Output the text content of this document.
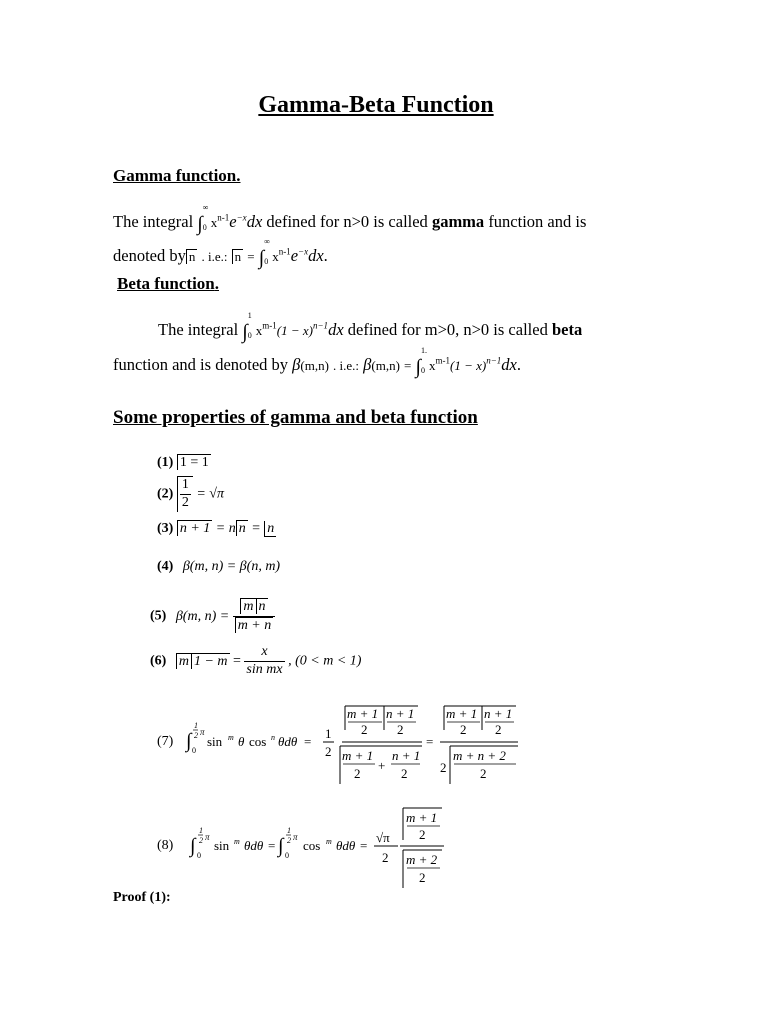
Gamma-Beta Function
Gamma function.
The integral ∫
∞
0 $x^{n-1}e^{-x}dx$ defined for n>0 is called gamma function and is
denoted by n . i.e.: n = ∫
∞
0 $x^{n-1}e^{-x}dx$.
Beta function.
The integral ∫
1
0 $x^{m-1}(1 - x)^{n-1}dx$ defined for m>0, n>0 is called beta
function and is denoted by β(m,n) . i.e.: β(m,n) = ∫
1.
0 $x^{m-1}(1 - x)^{n-1}dx$.
Some properties of gamma and beta function
(1) 1 = 1
$(2) \frac{1}{2} = √\pi$
(3) n + 1 = n n = n
(4) β(m, n) = β(n, m)
(5) β(m, $n) = \frac{\text{m n}}{m + n}$
(6) m $1 - m = \frac{x}{\text{sin mx}}$ , (0 < m < 1)
(7) ∫
1
2 π
0
sin m θ cos n θdθ =
1
2
m + 1
2
n + 1
2
m + 1
2
+
n + 1
2
=
m + 1
2
n + 1
2
2
m + n + 2
2
(8) ∫
1
2 π
0
sin m θdθ = ∫
1
2 π
0
cos m θdθ =
√π
2
m + 1
2
m + 2
2
Proof (1):
